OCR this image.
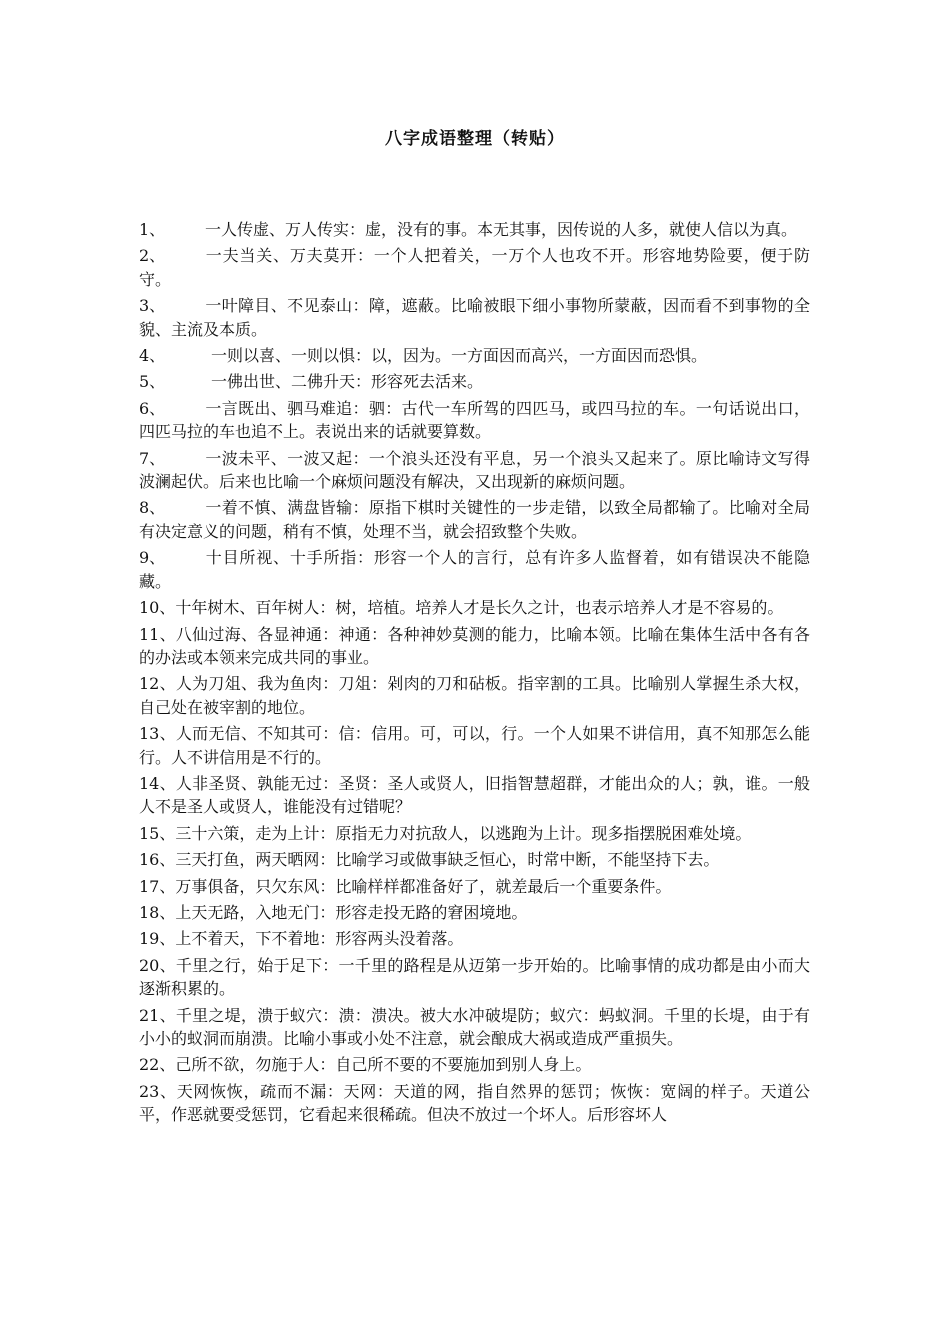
八字成语整理（转贴）

1、 一人传虚、万人传实：虚，没有的事。本无其事，因传说的人多，就使人信以为真。

2、 一夫当关、万夫莫开：一个人把着关，一万个人也攻不开。形容地势险要，便于防守。

3、 一叶障目、不见泰山：障，遮蔽。比喻被眼下细小事物所蒙蔽，因而看不到事物的全貌、主流及本质。

4、	一则以喜、一则以惧：以，因为。一方面因而高兴，一方面因而恐惧。

5、	一佛出世、二佛升天：形容死去活来。

6、 一言既出、驷马难追：驷：古代一车所驾的四匹马，或四马拉的车。一句话说出口，四匹马拉的车也追不上。表说出来的话就要算数。

7、 一波未平、一波又起：一个浪头还没有平息，另一个浪头又起来了。原比喻诗文写得波澜起伏。后来也比喻一个麻烦问题没有解决，又出现新的麻烦问题。

8、 一着不慎、满盘皆输：原指下棋时关键性的一步走错，以致全局都输了。比喻对全局有决定意义的问题，稍有不慎，处理不当，就会招致整个失败。

9、 十目所视、十手所指：形容一个人的言行，总有许多人监督着，如有错误决不能隐藏。

10、十年树木、百年树人：树，培植。培养人才是长久之计，也表示培养人才是不容易的。

11、八仙过海、各显神通：神通：各种神妙莫测的能力，比喻本领。比喻在集体生活中各有各的办法或本领来完成共同的事业。

12、人为刀俎、我为鱼肉：刀俎：剁肉的刀和砧板。指宰割的工具。比喻别人掌握生杀大权，自己处在被宰割的地位。

13、人而无信、不知其可：信：信用。可，可以，行。一个人如果不讲信用，真不知那怎么能行。人不讲信用是不行的。

14、人非圣贤、孰能无过：圣贤：圣人或贤人，旧指智慧超群，才能出众的人；孰，谁。一般人不是圣人或贤人，谁能没有过错呢？

15、三十六策，走为上计：原指无力对抗敌人，以逃跑为上计。现多指摆脱困难处境。

16、三天打鱼，两天晒网：比喻学习或做事缺乏恒心，时常中断，不能坚持下去。

17、万事俱备，只欠东风：比喻样样都准备好了，就差最后一个重要条件。

18、上天无路，入地无门：形容走投无路的窘困境地。

19、上不着天，下不着地：形容两头没着落。

20、千里之行，始于足下：一千里的路程是从迈第一步开始的。比喻事情的成功都是由小而大逐渐积累的。

21、千里之堤，溃于蚁穴：溃：溃决。被大水冲破堤防；蚁穴：蚂蚁洞。千里的长堤，由于有小小的蚁洞而崩溃。比喻小事或小处不注意，就会酿成大祸或造成严重损失。

22、己所不欲，勿施于人：自己所不要的不要施加到别人身上。

23、天网恢恢，疏而不漏：天网：天道的网，指自然界的惩罚；恢恢：宽阔的样子。天道公平，作恶就要受惩罚，它看起来很稀疏。但决不放过一个坏人。后形容坏人
